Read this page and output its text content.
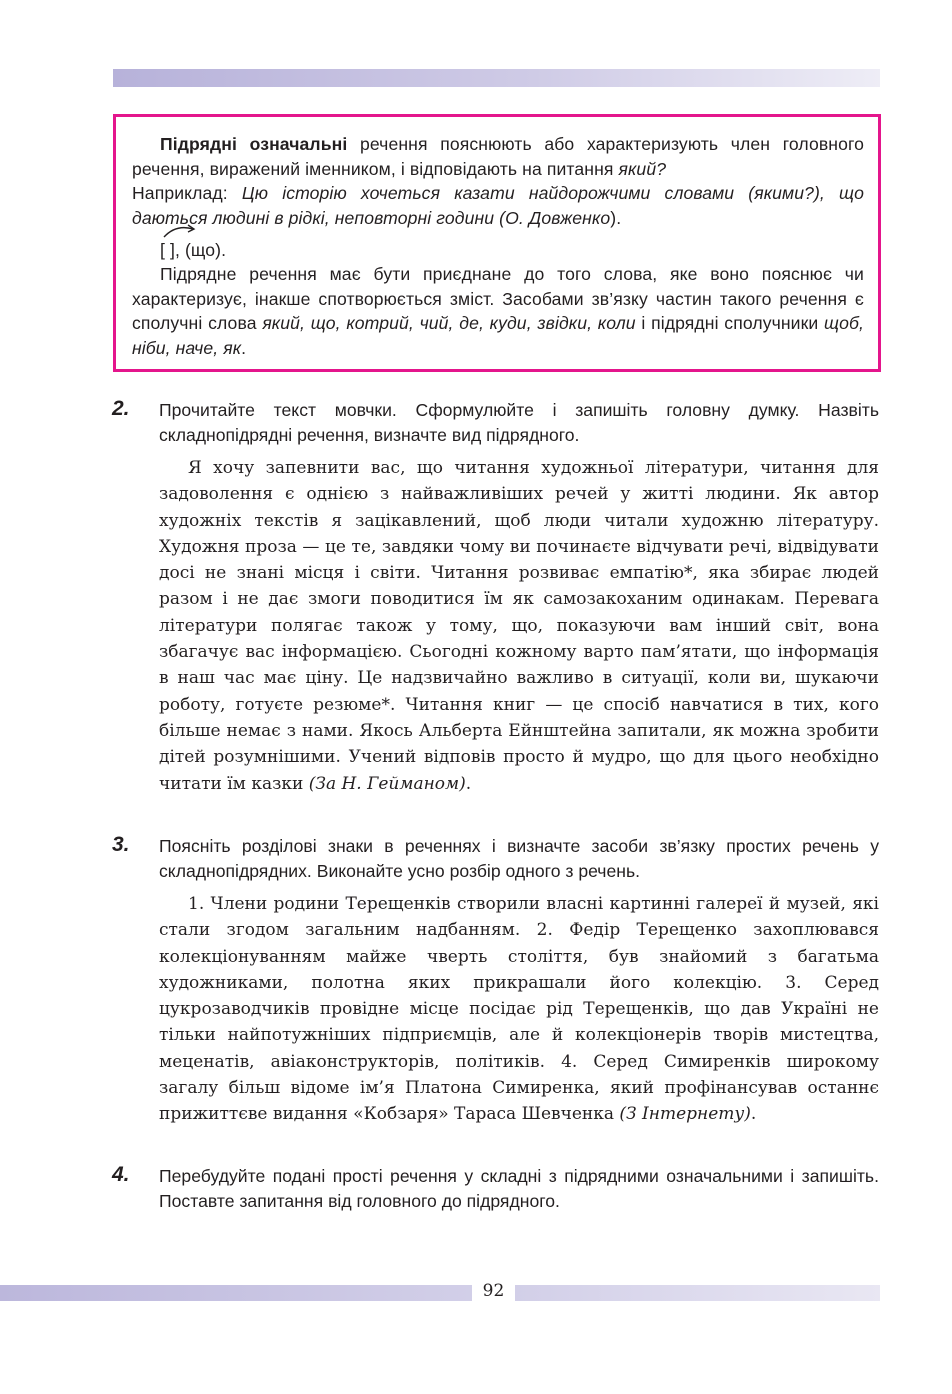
Підрядні означальні речення пояснюють або характеризують член головного речення, виражений іменником, і відповідають на питання який?

Наприклад: Цю історію хочеться казати найдорожчими словами (якими?), що даються людині в рідкі, неповторні години (О. Довженко).

[ ], (що).

Підрядне речення має бути приєднане до того слова, яке воно пояснює чи характеризує, інакше спотворюється зміст. Засобами зв’язку частин такого речення є сполучні слова який, що, котрий, чий, де, куди, звідки, коли і підрядні сполучники щоб, ніби, наче, як.

2. Прочитайте текст мовчки. Сформулюйте і запишіть головну думку. Назвіть складнопідрядні речення, визначте вид підрядного.

Я хочу запевнити вас, що читання художньої літератури, читання для задоволення є однією з найважливіших речей у житті людини. Як автор художніх текстів я зацікавлений, щоб люди читали художню літературу. Художня проза — це те, завдяки чому ви починаєте відчувати речі, відвідувати досі не знані місця і світи. Читання розвиває емпатію*, яка збирає людей разом і не дає змоги поводитися їм як самозакоханим одинакам. Перевага літератури полягає також у тому, що, показуючи вам інший світ, вона збагачує вас інформацією. Сьогодні кожному варто пам’ятати, що інформація в наш час має ціну. Це надзвичайно важливо в ситуації, коли ви, шукаючи роботу, готуєте резюме*. Читання книг — це спосіб навчатися в тих, кого більше немає з нами. Якось Альберта Ейнштейна запитали, як можна зробити дітей розумнішими. Учений відповів просто й мудро, що для цього необхідно читати їм казки (За Н. Гейманом).

3. Поясніть розділові знаки в реченнях і визначте засоби зв’язку простих речень у складнопідрядних. Виконайте усно розбір одного з речень.

1. Члени родини Терещенків створили власні картинні галереї й музей, які стали згодом загальним надбанням. 2. Федір Терещенко захоплювався колекціонуванням майже чверть століття, був знайомий з багатьма художниками, полотна яких прикрашали його колекцію. 3. Серед цукрозаводчиків провідне місце посідає рід Терещенків, що дав Україні не тільки найпотужніших підприємців, але й колекціонерів творів мистецтва, меценатів, авіаконструкторів, політиків. 4. Серед Симиренків широкому загалу більш відоме ім’я Платона Симиренка, який профінансував останнє прижиттєве видання «Кобзаря» Тараса Шевченка (З Інтернету).

4. Перебудуйте подані прості речення у складні з підрядними означальними і запишіть. Поставте запитання від головного до підрядного.
92
